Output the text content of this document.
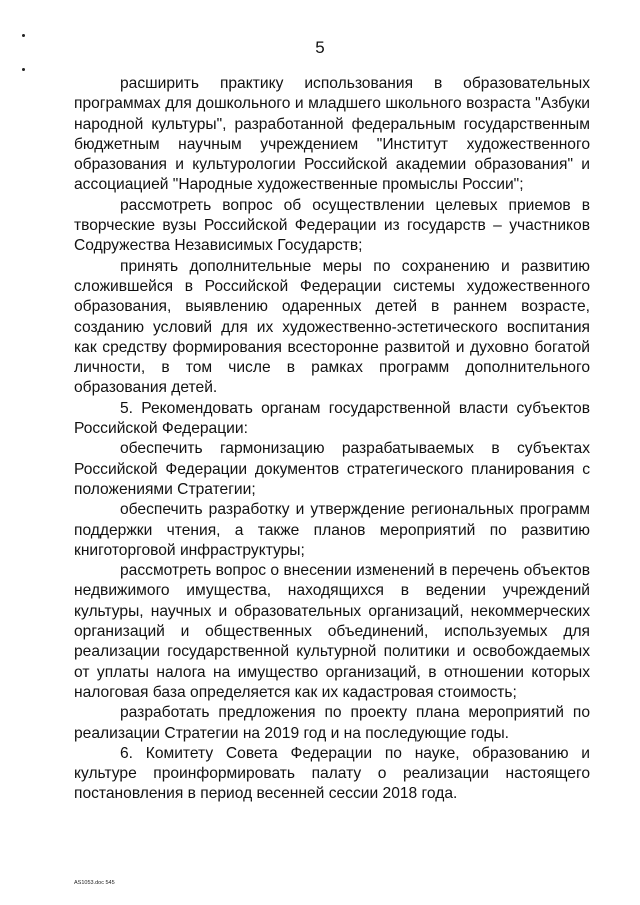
5

расширить практику использования в образовательных программах для дошкольного и младшего школьного возраста "Азбуки народной культуры", разработанной федеральным государственным бюджетным научным учреждением "Институт художественного образования и культурологии Российской академии образования" и ассоциацией "Народные художественные промыслы России";

рассмотреть вопрос об осуществлении целевых приемов в творческие вузы Российской Федерации из государств – участников Содружества Независимых Государств;

принять дополнительные меры по сохранению и развитию сложившейся в Российской Федерации системы художественного образования, выявлению одаренных детей в раннем возрасте, созданию условий для их художественно-эстетического воспитания как средству формирования всесторонне развитой и духовно богатой личности, в том числе в рамках программ дополнительного образования детей.

5. Рекомендовать органам государственной власти субъектов Российской Федерации:

обеспечить гармонизацию разрабатываемых в субъектах Российской Федерации документов стратегического планирования с положениями Стратегии;

обеспечить разработку и утверждение региональных программ поддержки чтения, а также планов мероприятий по развитию книготорговой инфраструктуры;

рассмотреть вопрос о внесении изменений в перечень объектов недвижимого имущества, находящихся в ведении учреждений культуры, научных и образовательных организаций, некоммерческих организаций и общественных объединений, используемых для реализации государственной культурной политики и освобождаемых от уплаты налога на имущество организаций, в отношении которых налоговая база определяется как их кадастровая стоимость;

разработать предложения по проекту плана мероприятий по реализации Стратегии на 2019 год и на последующие годы.

6. Комитету Совета Федерации по науке, образованию и культуре проинформировать палату о реализации настоящего постановления в период весенней сессии 2018 года.

AS1053.doc 545
